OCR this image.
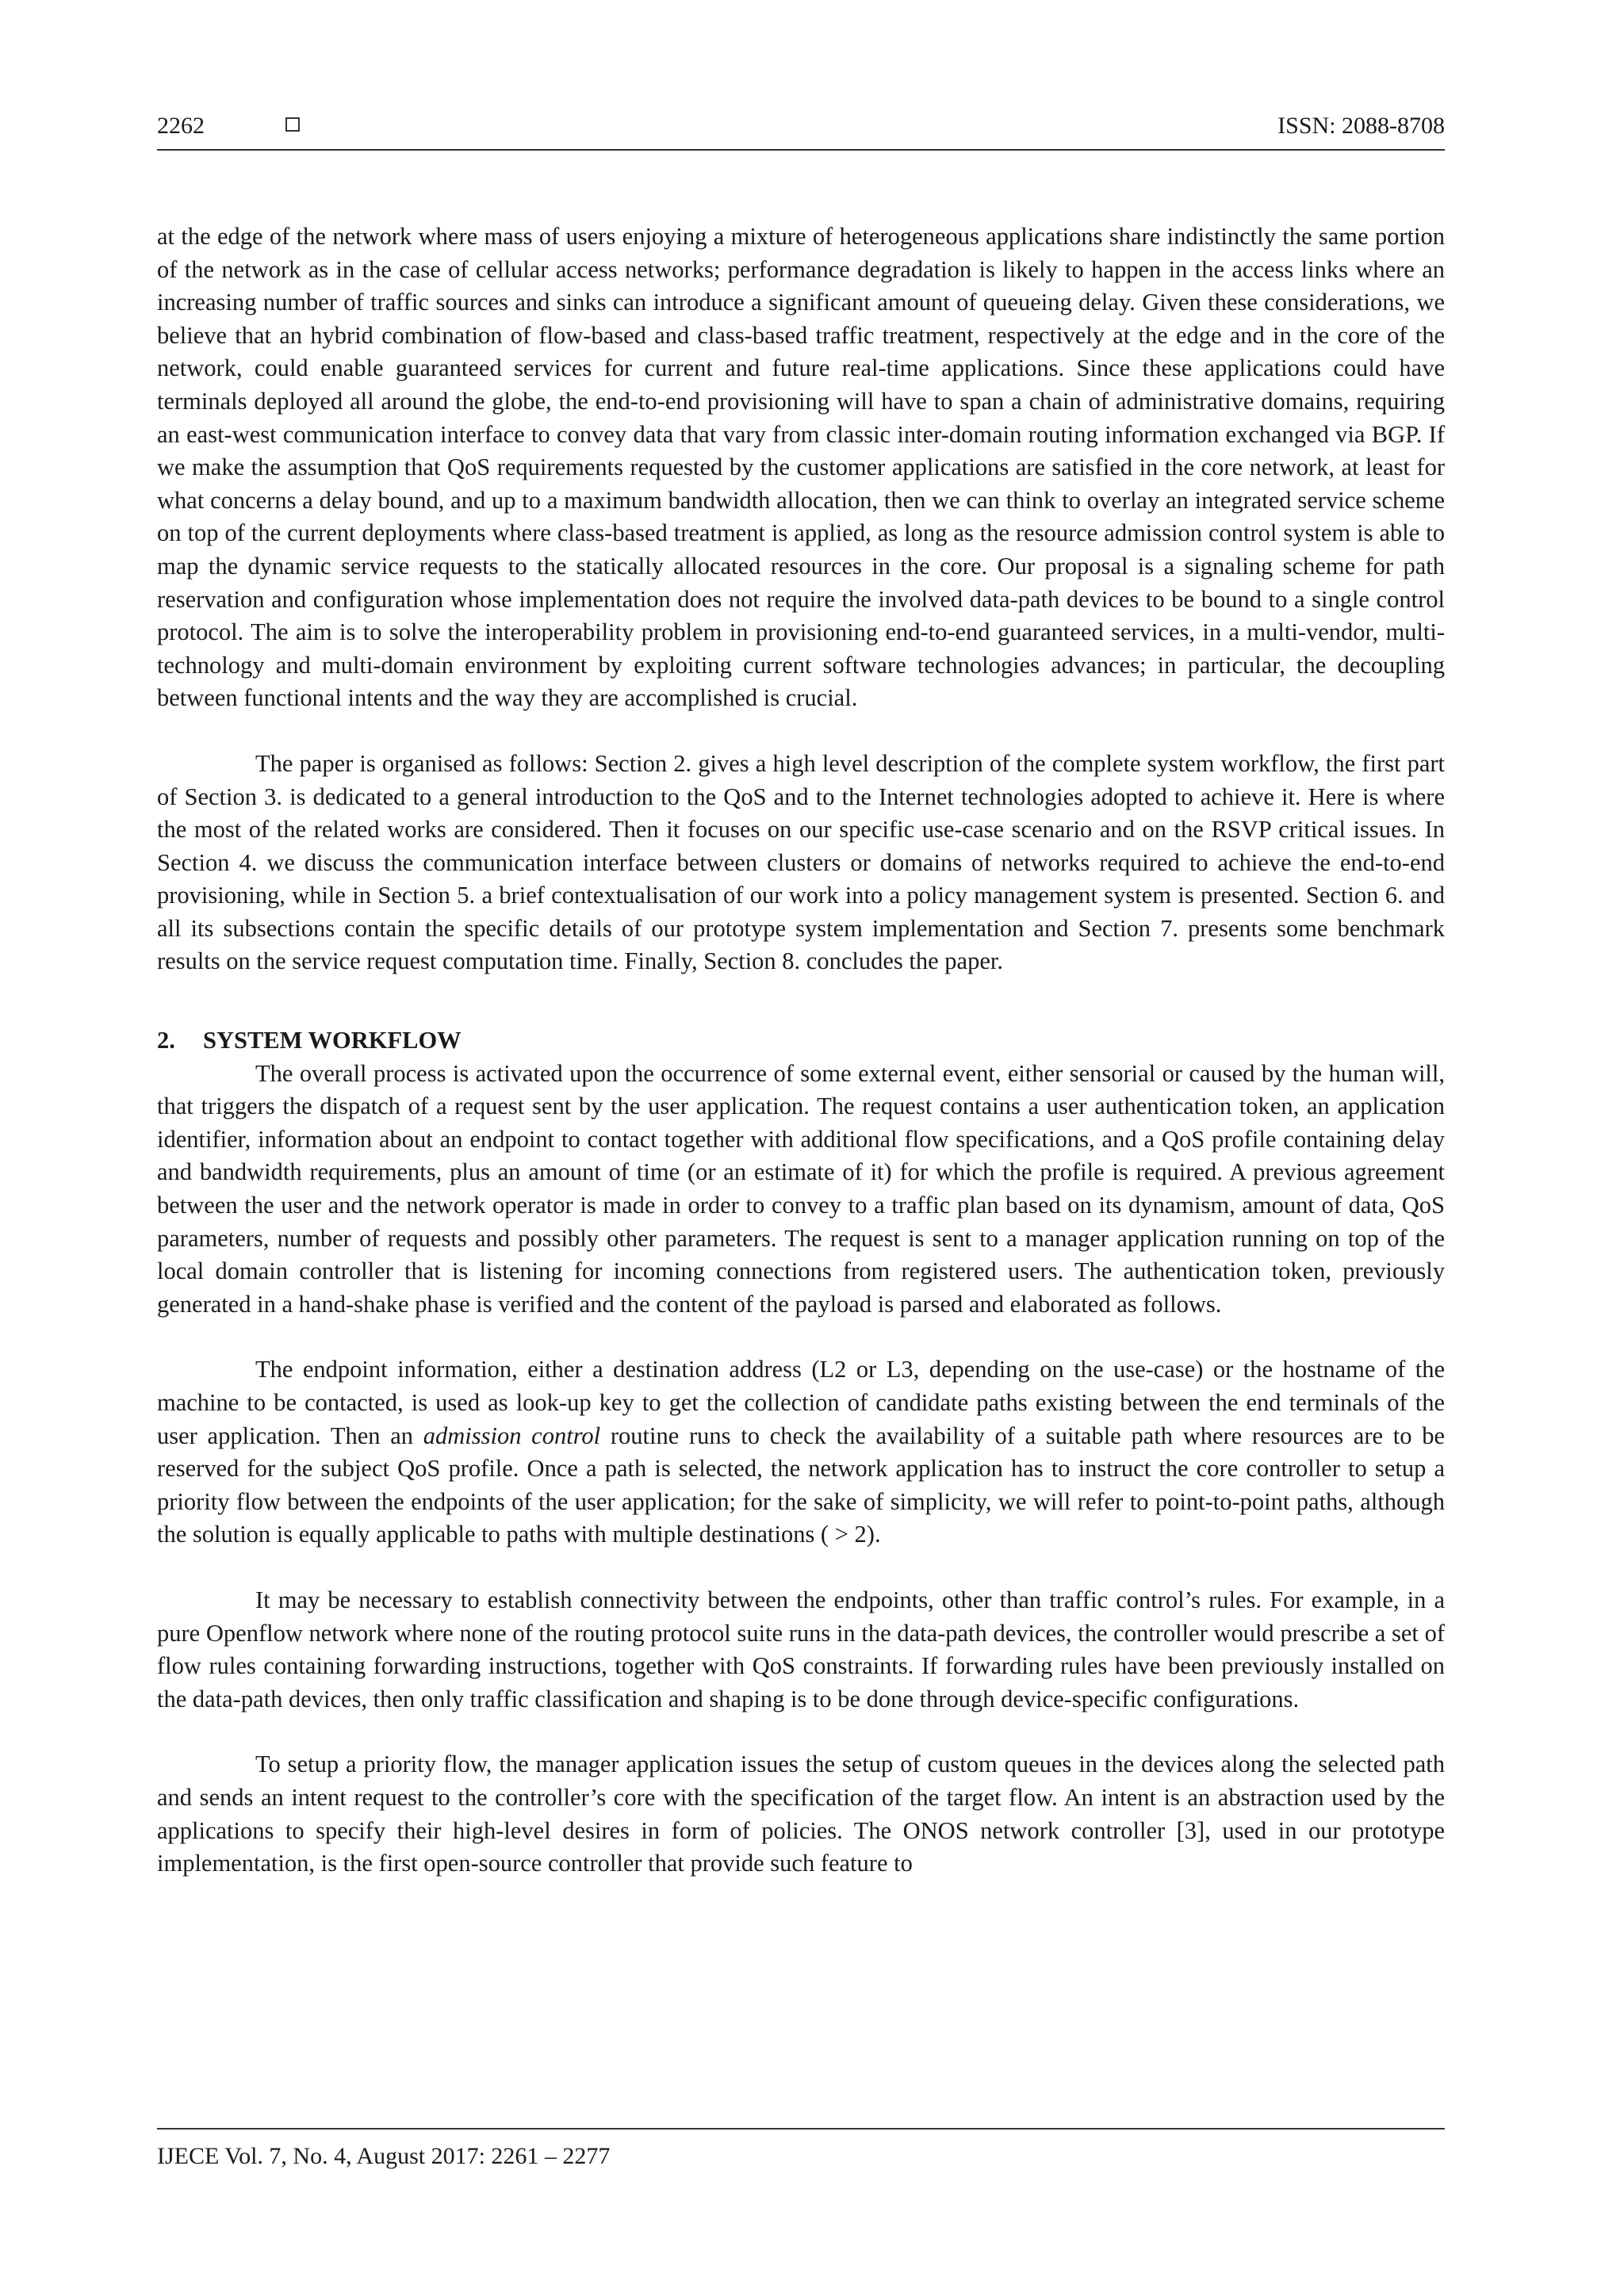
2262	ISSN: 2088-8708

at the edge of the network where mass of users enjoying a mixture of heterogeneous applications share indistinctly the same portion of the network as in the case of cellular access networks; performance degradation is likely to happen in the access links where an increasing number of traffic sources and sinks can introduce a significant amount of queueing delay. Given these considerations, we believe that an hybrid combination of flow-based and class-based traffic treatment, respectively at the edge and in the core of the network, could enable guaranteed services for current and future real-time applications. Since these applications could have terminals deployed all around the globe, the end-to-end provisioning will have to span a chain of administrative domains, requiring an east-west communication interface to convey data that vary from classic inter-domain routing information exchanged via BGP. If we make the assumption that QoS requirements requested by the customer applications are satisfied in the core network, at least for what concerns a delay bound, and up to a maximum bandwidth allocation, then we can think to overlay an integrated service scheme on top of the current deployments where class-based treatment is applied, as long as the resource admission control system is able to map the dynamic service requests to the statically allocated resources in the core. Our proposal is a signaling scheme for path reservation and configuration whose implementation does not require the involved data-path devices to be bound to a single control protocol. The aim is to solve the interoperability problem in provisioning end-to-end guaranteed services, in a multi-vendor, multi-technology and multi-domain environment by exploiting current software technologies advances; in particular, the decoupling between functional intents and the way they are accomplished is crucial.

The paper is organised as follows: Section 2. gives a high level description of the complete system workflow, the first part of Section 3. is dedicated to a general introduction to the QoS and to the Internet technologies adopted to achieve it. Here is where the most of the related works are considered. Then it focuses on our specific use-case scenario and on the RSVP critical issues. In Section 4. we discuss the communication interface between clusters or domains of networks required to achieve the end-to-end provisioning, while in Section 5. a brief contextualisation of our work into a policy management system is presented. Section 6. and all its subsections contain the specific details of our prototype system implementation and Section 7. presents some benchmark results on the service request computation time. Finally, Section 8. concludes the paper.

2. SYSTEM WORKFLOW

The overall process is activated upon the occurrence of some external event, either sensorial or caused by the human will, that triggers the dispatch of a request sent by the user application. The request contains a user authentication token, an application identifier, information about an endpoint to contact together with additional flow specifications, and a QoS profile containing delay and bandwidth requirements, plus an amount of time (or an estimate of it) for which the profile is required. A previous agreement between the user and the network operator is made in order to convey to a traffic plan based on its dynamism, amount of data, QoS parameters, number of requests and possibly other parameters. The request is sent to a manager application running on top of the local domain controller that is listening for incoming connections from registered users. The authentication token, previously generated in a hand-shake phase is verified and the content of the payload is parsed and elaborated as follows.

The endpoint information, either a destination address (L2 or L3, depending on the use-case) or the hostname of the machine to be contacted, is used as look-up key to get the collection of candidate paths existing between the end terminals of the user application. Then an admission control routine runs to check the availability of a suitable path where resources are to be reserved for the subject QoS profile. Once a path is selected, the network application has to instruct the core controller to setup a priority flow between the endpoints of the user application; for the sake of simplicity, we will refer to point-to-point paths, although the solution is equally applicable to paths with multiple destinations ( > 2).

It may be necessary to establish connectivity between the endpoints, other than traffic control’s rules. For example, in a pure Openflow network where none of the routing protocol suite runs in the data-path devices, the controller would prescribe a set of flow rules containing forwarding instructions, together with QoS constraints. If forwarding rules have been previously installed on the data-path devices, then only traffic classification and shaping is to be done through device-specific configurations.

To setup a priority flow, the manager application issues the setup of custom queues in the devices along the selected path and sends an intent request to the controller’s core with the specification of the target flow. An intent is an abstraction used by the applications to specify their high-level desires in form of policies. The ONOS network controller [3], used in our prototype implementation, is the first open-source controller that provide such feature to

IJECE Vol. 7, No. 4, August 2017: 2261 – 2277
